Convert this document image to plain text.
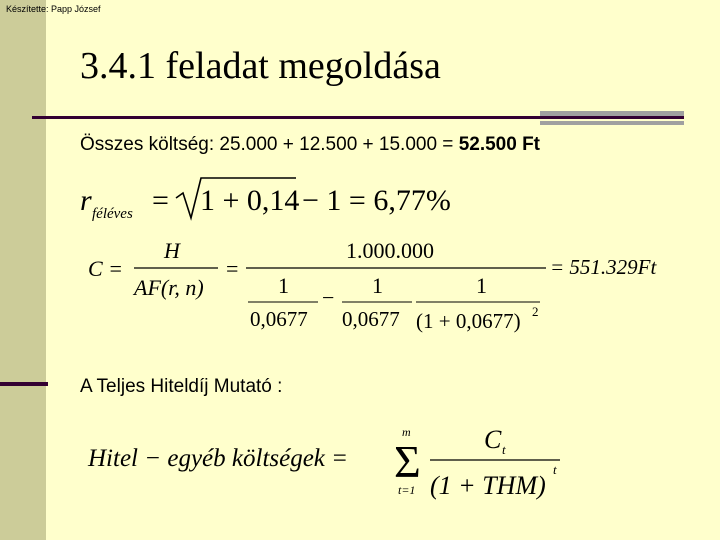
Készítette: Papp József
3.4.1 feladat megoldása
Összes költség: 25.000 + 12.500 + 15.000 = 52.500 Ft
r féléves = 1 + 0,14 − 1 = 6,77%
C =
H
AF(r, n)
=
1.000.000
1
0,0677
− 1
0,0677
1
(1 + 0,0677) 2
= 551.329Ft
A Teljes Hiteldíj Mutató :
Hitel − egyéb költségek =
m
Σ
t=1
C t
(1 + THM)
t
